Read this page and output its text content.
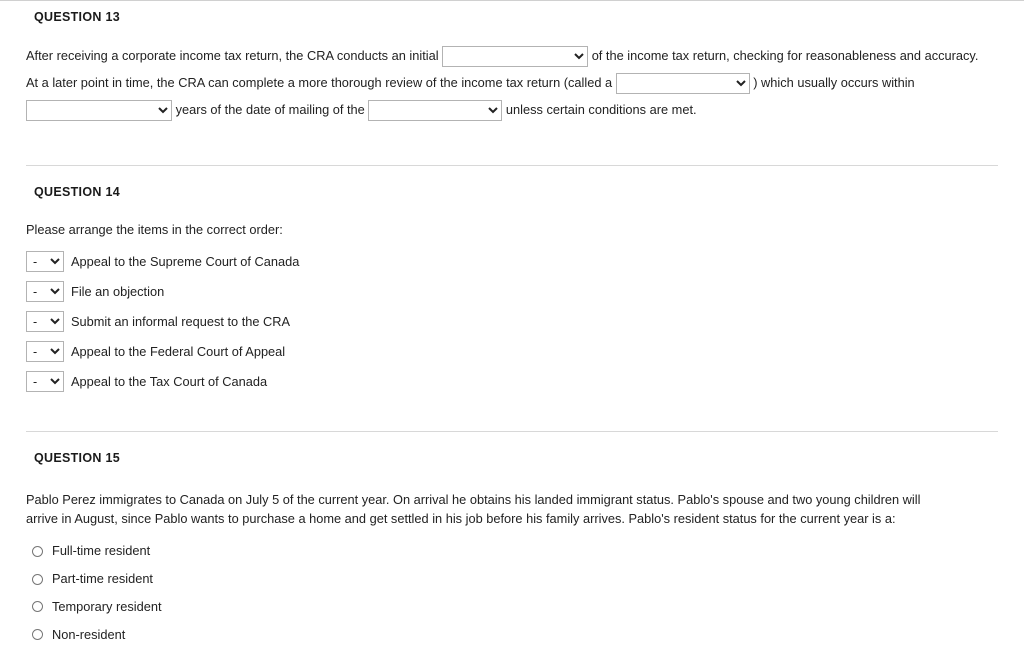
QUESTION 13
After receiving a corporate income tax return, the CRA conducts an initial	of the income tax return, checking for reasonableness and accuracy.
At a later point in time, the CRA can complete a more thorough review of the income tax return (called a	) which usually occurs within
years of the date of mailing of the	unless certain conditions are met.
QUESTION 14
Please arrange the items in the correct order:
-
Appeal to the Supreme Court of Canada
-
File an objection
-
Submit an informal request to the CRA
-
Appeal to the Federal Court of Appeal
-
Appeal to the Tax Court of Canada
QUESTION 15
Pablo Perez immigrates to Canada on July 5 of the current year. On arrival he obtains his landed immigrant status. Pablo's spouse and two young children will arrive in August, since Pablo wants to purchase a home and get settled in his job before his family arrives. Pablo's resident status for the current year is a:
Full-time resident
Part-time resident
Temporary resident
Non-resident
